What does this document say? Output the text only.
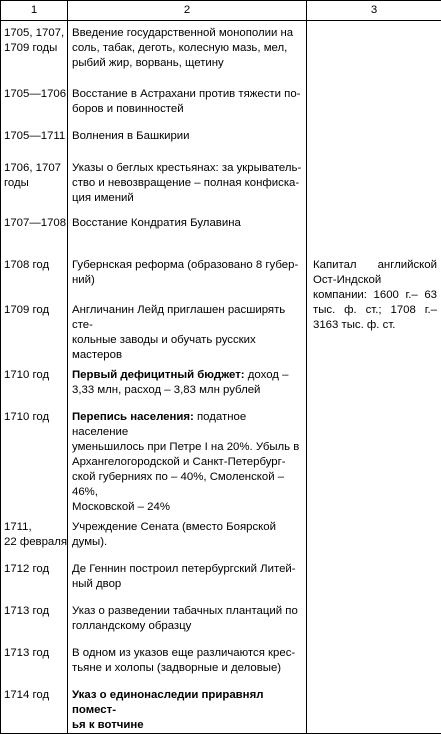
1	2	3
1705, 1707,
1709 годы	Введение государственной монополии на
соль, табак, деготь, колесную мазь, мел,
рыбий жир, ворвань, щетину	
1705—1706	Восстание в Астрахани против тяжести по-
боров и повинностей	
1705—1711	Волнения в Башкирии	
1706, 1707
годы	Указы о беглых крестьянах: за укрыватель-
ство и невозвращение – полная конфиска-
ция имений	
1707—1708	Восстание Кондратия Булавина	
1708 год	Губернская реформа (образовано 8 губер-
ний)	Капитал английской Ост-Индской компании: 1600 г.– 63 тыс. ф. ст.; 1708 г.– 3163 тыс. ф. ст.
1709 год	Англичанин Лейд приглашен расширять сте-
кольные заводы и обучать русских мастеров	
1710 год	Первый дефицитный бюджет: доход –
3,33 млн, расход – 3,83 млн рублей	
1710 год	Перепись населения: податное население
уменьшилось при Петре I на 20%. Убыль в
Архангелогородской и Санкт-Петербург-
ской губерниях по – 40%, Смоленской – 46%,
Московской – 24%	
1711,
22 февраля	Учреждение Сената (вместо Боярской
думы).	
1712 год	Де Геннин построил петербургский Литей-
ный двор	
1713 год	Указ о разведении табачных плантаций по
голландскому образцу	
1713 год	В одном из указов еще различаются крес-
тьяне и холопы (задворные и деловые)	
1714 год	Указ о единонаследии приравнял помест-
ья к вотчине	
